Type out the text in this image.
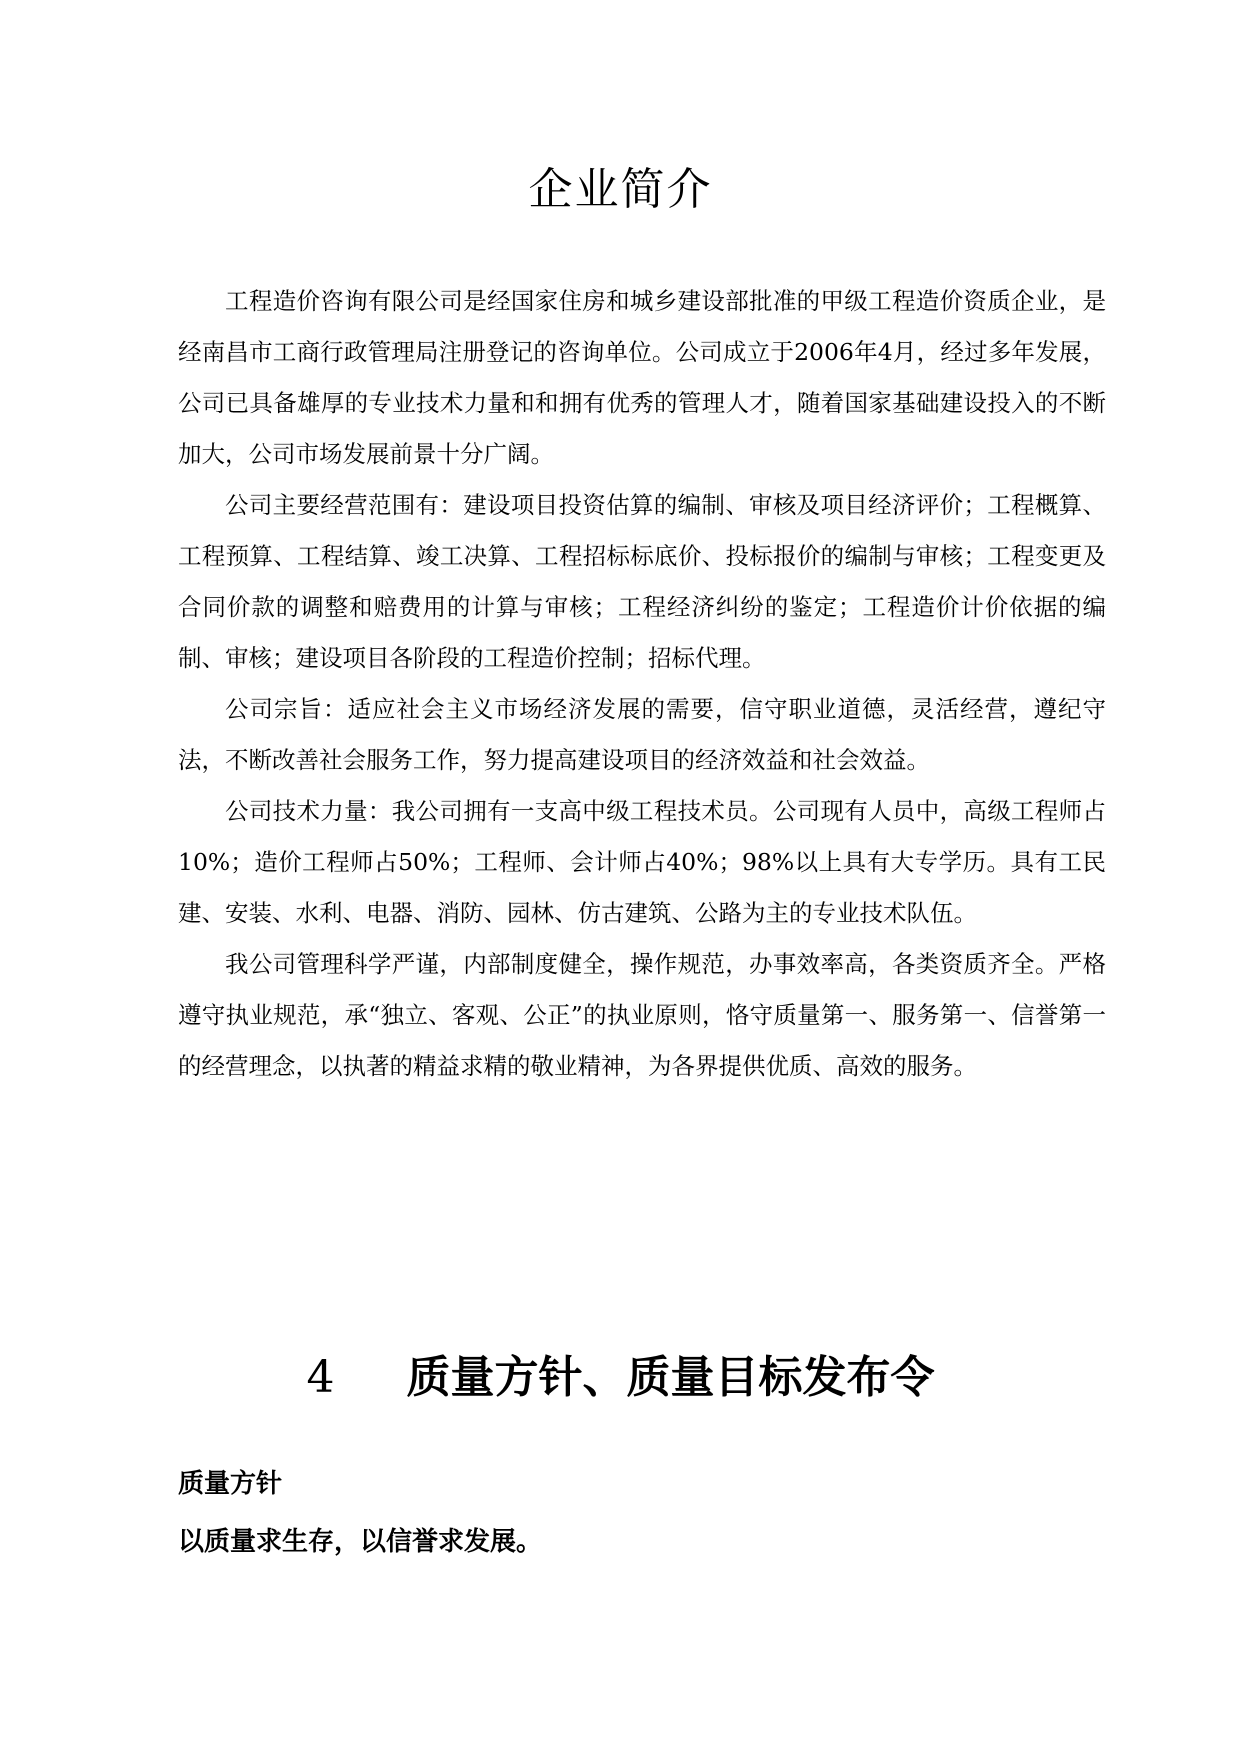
企业简介

工程造价咨询有限公司是经国家住房和城乡建设部批准的甲级工程造价资质企业，是经南昌市工商行政管理局注册登记的咨询单位。公司成立于2006年4月，经过多年发展，公司已具备雄厚的专业技术力量和和拥有优秀的管理人才，随着国家基础建设投入的不断加大，公司市场发展前景十分广阔。

公司主要经营范围有：建设项目投资估算的编制、审核及项目经济评价；工程概算、工程预算、工程结算、竣工决算、工程招标标底价、投标报价的编制与审核；工程变更及合同价款的调整和赔费用的计算与审核；工程经济纠纷的鉴定；工程造价计价依据的编制、审核；建设项目各阶段的工程造价控制；招标代理。

公司宗旨：适应社会主义市场经济发展的需要，信守职业道德，灵活经营，遵纪守法，不断改善社会服务工作，努力提高建设项目的经济效益和社会效益。

公司技术力量：我公司拥有一支高中级工程技术员。公司现有人员中，高级工程师占10%；造价工程师占50%；工程师、会计师占40%；98%以上具有大专学历。具有工民建、安装、水利、电器、消防、园林、仿古建筑、公路为主的专业技术队伍。

我公司管理科学严谨，内部制度健全，操作规范，办事效率高，各类资质齐全。严格遵守执业规范，承“独立、客观、公正”的执业原则，恪守质量第一、服务第一、信誉第一的经营理念，以执著的精益求精的敬业精神，为各界提供优质、高效的服务。

4 质量方针、质量目标发布令
质量方针

以质量求生存，以信誉求发展。
